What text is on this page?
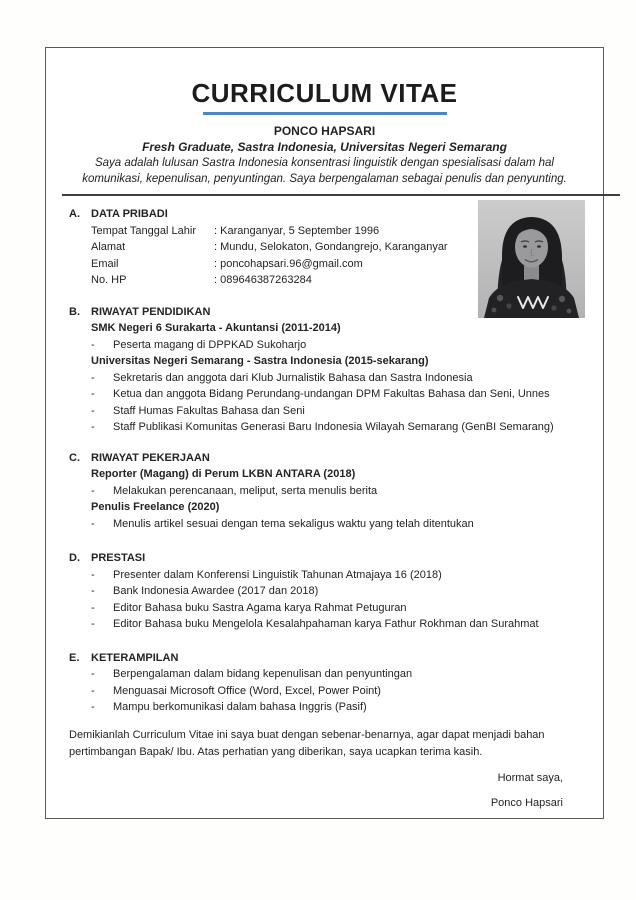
CURRICULUM VITAE
PONCO HAPSARI
Fresh Graduate, Sastra Indonesia, Universitas Negeri Semarang
Saya adalah lulusan Sastra Indonesia konsentrasi linguistik dengan spesialisasi dalam hal
komunikasi, kepenulisan, penyuntingan. Saya berpengalaman sebagai penulis dan penyunting.
A.	DATA PRIBADI
Tempat Tanggal Lahir	: Karanganyar, 5 September 1996
Alamat	: Mundu, Selokaton, Gondangrejo, Karanganyar
Email	: poncohapsari.96@gmail.com
No. HP	: 089646387263284
B.	RIWAYAT PENDIDIKAN
SMK Negeri 6 Surakarta - Akuntansi (2011-2014)
-	Peserta magang di DPPKAD Sukoharjo
Universitas Negeri Semarang - Sastra Indonesia (2015-sekarang)
-	Sekretaris dan anggota dari Klub Jurnalistik Bahasa dan Sastra Indonesia
-	Ketua dan anggota Bidang Perundang-undangan DPM Fakultas Bahasa dan Seni, Unnes
-	Staff Humas Fakultas Bahasa dan Seni
-	Staff Publikasi Komunitas Generasi Baru Indonesia Wilayah Semarang (GenBI Semarang)
C.	RIWAYAT PEKERJAAN
Reporter (Magang) di Perum LKBN ANTARA (2018)
-	Melakukan perencanaan, meliput, serta menulis berita
Penulis Freelance (2020)
-	Menulis artikel sesuai dengan tema sekaligus waktu yang telah ditentukan
D.	PRESTASI
-	Presenter dalam Konferensi Linguistik Tahunan Atmajaya 16 (2018)
-	Bank Indonesia Awardee (2017 dan 2018)
-	Editor Bahasa buku Sastra Agama karya Rahmat Petuguran
-	Editor Bahasa buku Mengelola Kesalahpahaman karya Fathur Rokhman dan Surahmat
E.	KETERAMPILAN
-	Berpengalaman dalam bidang kepenulisan dan penyuntingan
-	Menguasai Microsoft Office (Word, Excel, Power Point)
-	Mampu berkomunikasi dalam bahasa Inggris (Pasif)
Demikianlah Curriculum Vitae ini saya buat dengan sebenar-benarnya, agar dapat menjadi bahan pertimbangan Bapak/ Ibu. Atas perhatian yang diberikan, saya ucapkan terima kasih.
Hormat saya,
Ponco Hapsari
